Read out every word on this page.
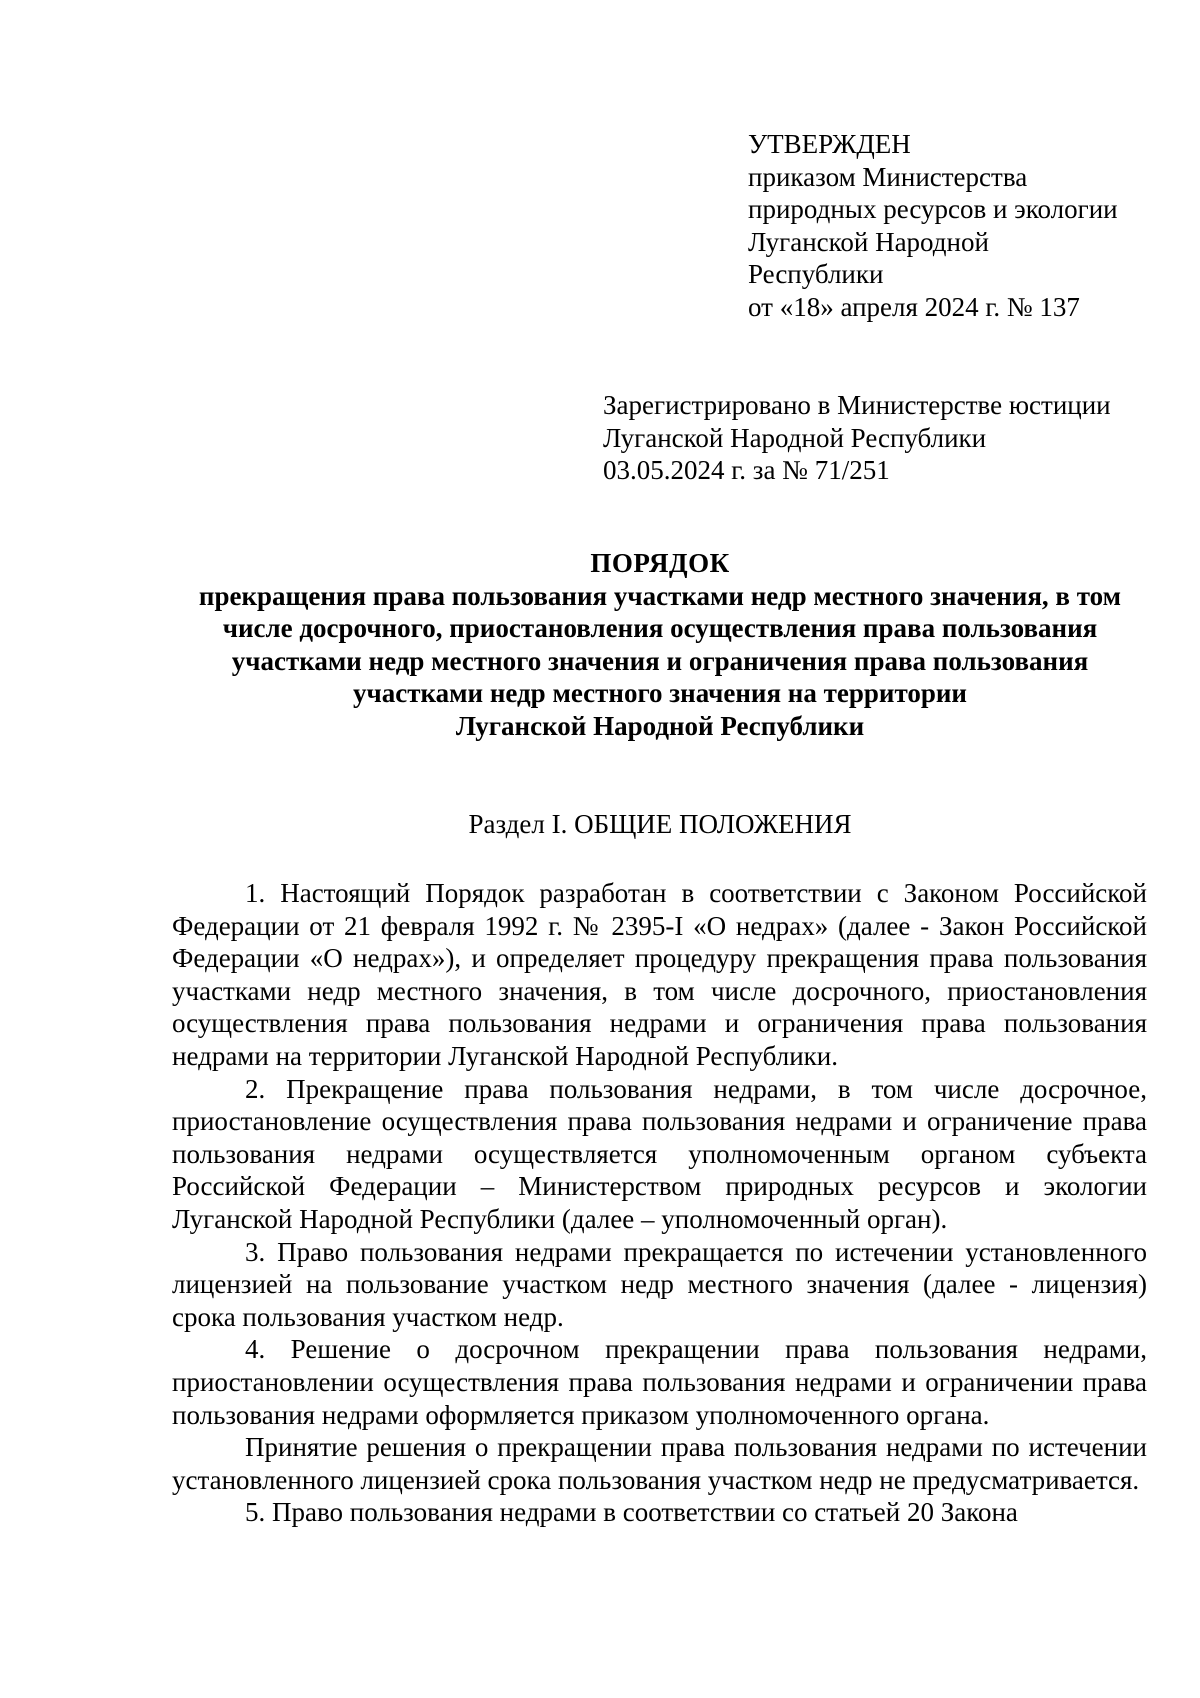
УТВЕРЖДЕН
приказом Министерства
природных ресурсов и экологии
Луганской Народной
Республики
от «18» апреля 2024 г. № 137
Зарегистрировано в Министерстве юстиции
Луганской Народной Республики
03.05.2024 г. за № 71/251
ПОРЯДОК
прекращения права пользования участками недр местного значения, в том
числе досрочного, приостановления осуществления права пользования
участками недр местного значения и ограничения права пользования
участками недр местного значения на территории
Луганской Народной Республики
Раздел I. ОБЩИЕ ПОЛОЖЕНИЯ

1. Настоящий Порядок разработан в соответствии с Законом Российской Федерации от 21 февраля 1992 г. № 2395-I «О недрах» (далее - Закон Российской Федерации «О недрах»), и определяет процедуру прекращения права пользования участками недр местного значения, в том числе досрочного, приостановления осуществления права пользования недрами и ограничения права пользования недрами на территории Луганской Народной Республики.

2. Прекращение права пользования недрами, в том числе досрочное, приостановление осуществления права пользования недрами и ограничение права пользования недрами осуществляется уполномоченным органом субъекта Российской Федерации – Министерством природных ресурсов и экологии Луганской Народной Республики (далее – уполномоченный орган).

3. Право пользования недрами прекращается по истечении установленного лицензией на пользование участком недр местного значения (далее - лицензия) срока пользования участком недр.

4. Решение о досрочном прекращении права пользования недрами, приостановлении осуществления права пользования недрами и ограничении права пользования недрами оформляется приказом уполномоченного органа.

Принятие решения о прекращении права пользования недрами по истечении установленного лицензией срока пользования участком недр не предусматривается.

5. Право пользования недрами в соответствии со статьей 20 Закона
